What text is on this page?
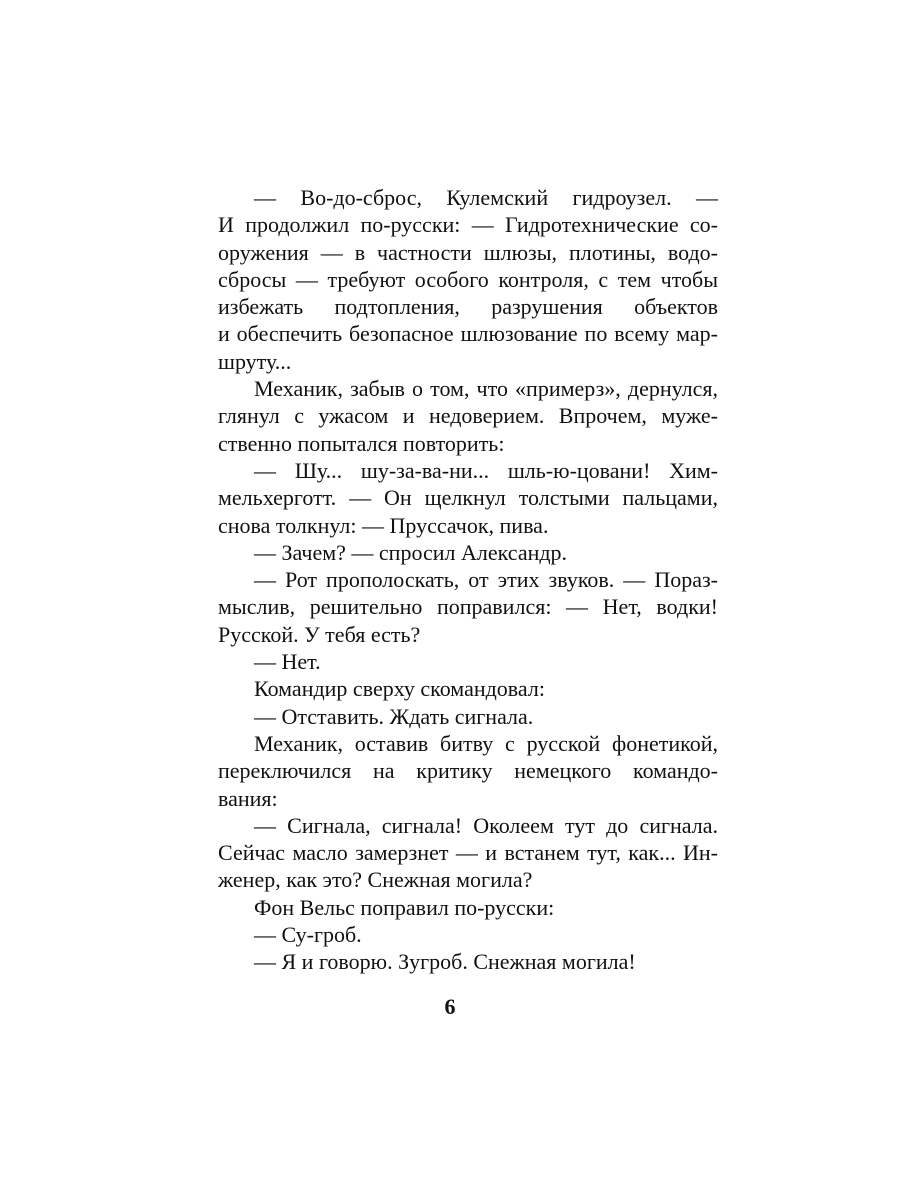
— Во-до-сброс, Кулемский гидроузел. —
И продолжил по-русски: — Гидротехнические со-
оружения — в частности шлюзы, плотины, водо-
сбросы — требуют особого контроля, с тем чтобы
избежать подтопления, разрушения объектов
и обеспечить безопасное шлюзование по всему мар-
шруту...
Механик, забыв о том, что «примерз», дернулся,
глянул с ужасом и недоверием. Впрочем, муже-
ственно попытался повторить:
— Шу... шу-за-ва-ни... шль-ю-цовани! Хим-
мельхерготт. — Он щелкнул толстыми пальцами,
снова толкнул: — Пруссачок, пива.
— Зачем? — спросил Александр.
— Рот прополоскать, от этих звуков. — Пораз-
мыслив, решительно поправился: — Нет, водки!
Русской. У тебя есть?
— Нет.
Командир сверху скомандовал:
— Отставить. Ждать сигнала.
Механик, оставив битву с русской фонетикой,
переключился на критику немецкого командо-
вания:
— Сигнала, сигнала! Околеем тут до сигнала.
Сейчас масло замерзнет — и встанем тут, как... Ин-
женер, как это? Снежная могила?
Фон Вельс поправил по-русски:
— Су-гроб.
— Я и говорю. Зугроб. Снежная могила!
6
